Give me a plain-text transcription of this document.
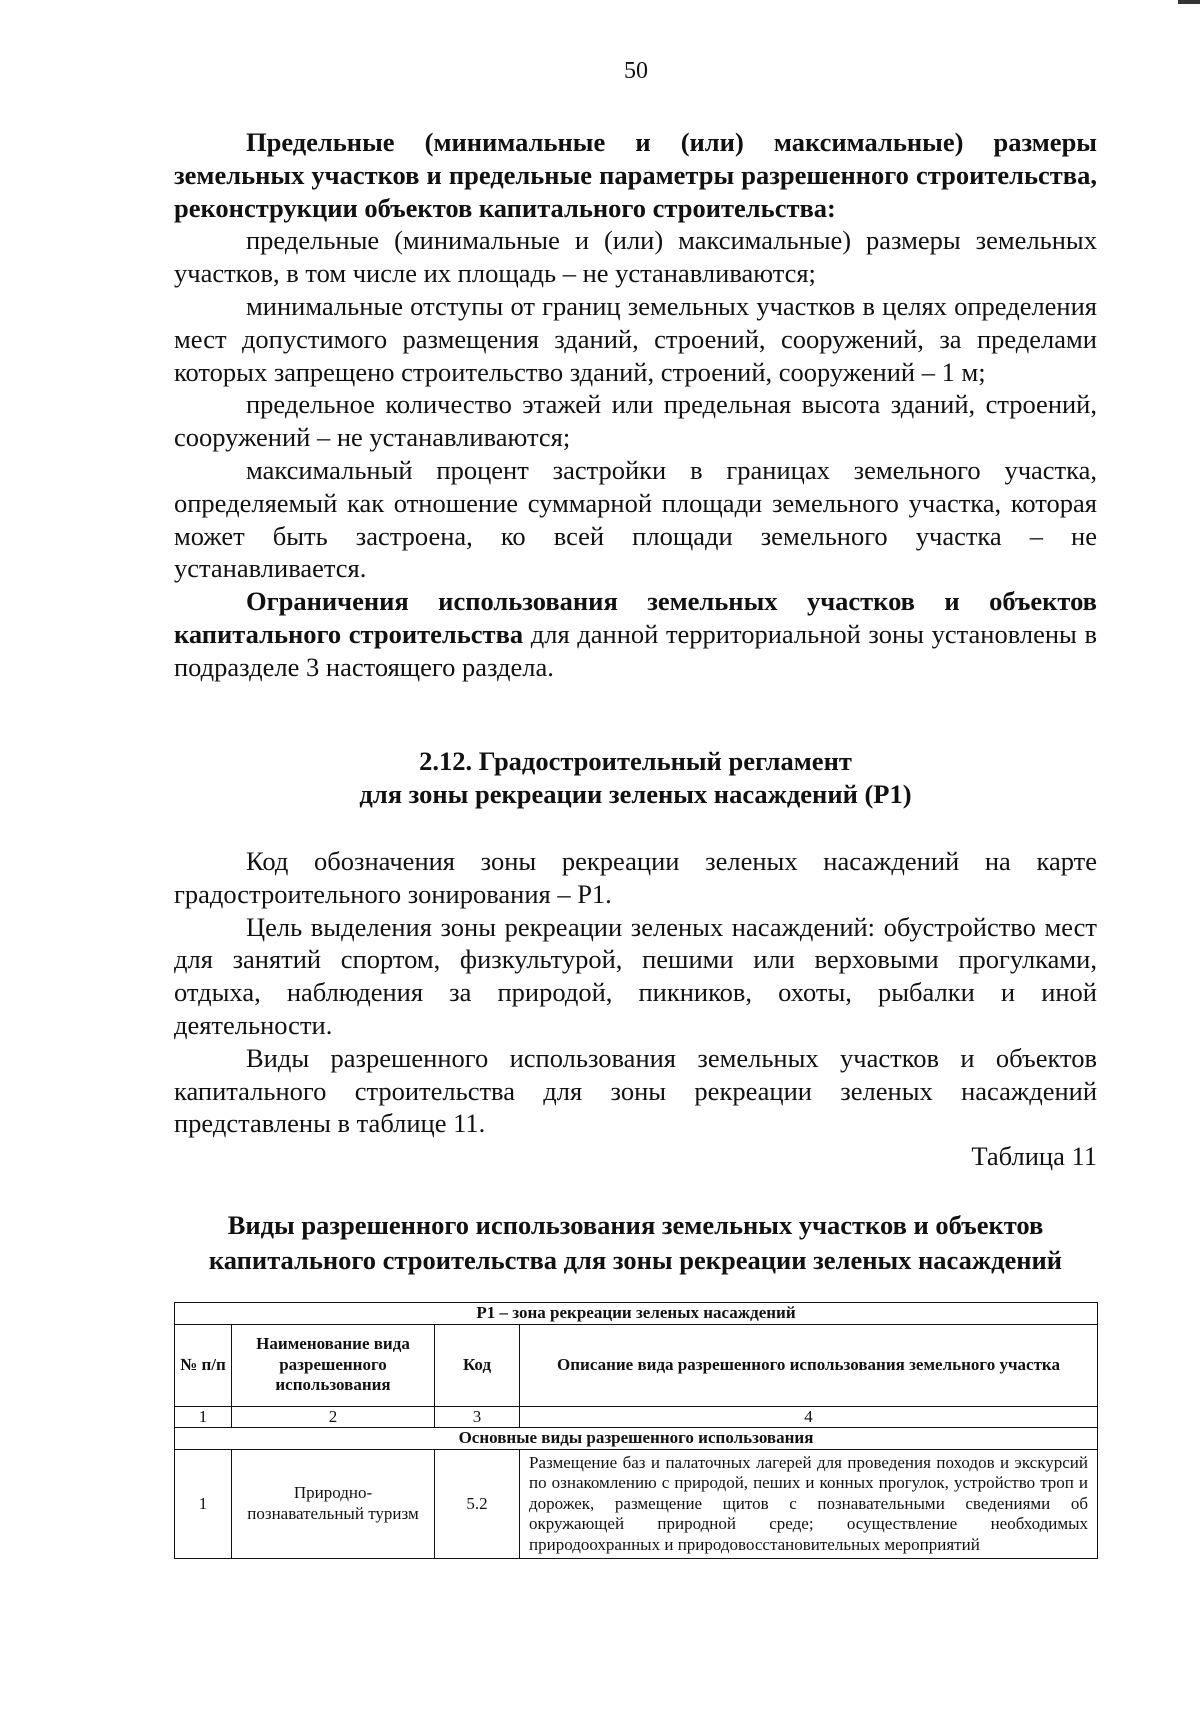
50

Предельные (минимальные и (или) максимальные) размеры земельных участков и предельные параметры разрешенного строительства, реконструкции объектов капитального строительства:

предельные (минимальные и (или) максимальные) размеры земельных участков, в том числе их площадь – не устанавливаются;

минимальные отступы от границ земельных участков в целях определения мест допустимого размещения зданий, строений, сооружений, за пределами которых запрещено строительство зданий, строений, сооружений – 1 м;

предельное количество этажей или предельная высота зданий, строений, сооружений – не устанавливаются;

максимальный процент застройки в границах земельного участка, определяемый как отношение суммарной площади земельного участка, которая может быть застроена, ко всей площади земельного участка – не устанавливается.

Ограничения использования земельных участков и объектов капитального строительства для данной территориальной зоны установлены в подразделе 3 настоящего раздела.

2.12. Градостроительный регламент
для зоны рекреации зеленых насаждений (Р1)

Код обозначения зоны рекреации зеленых насаждений на карте градостроительного зонирования – Р1.

Цель выделения зоны рекреации зеленых насаждений: обустройство мест для занятий спортом, физкультурой, пешими или верховыми прогулками, отдыха, наблюдения за природой, пикников, охоты, рыбалки и иной деятельности.

Виды разрешенного использования земельных участков и объектов капитального строительства для зоны рекреации зеленых насаждений представлены в таблице 11.

Таблица 11
Виды разрешенного использования земельных участков и объектов
капитального строительства для зоны рекреации зеленых насаждений
Р1 – зона рекреации зеленых насаждений			
№ п/п	Наименование вида разрешенного использования	Код	Описание вида разрешенного использования земельного участка
1	2	3	4
Основные виды разрешенного использования			
1	Природно-познавательный туризм	5.2	Размещение баз и палаточных лагерей для проведения походов и экскурсий по ознакомлению с природой, пеших и конных прогулок, устройство троп и дорожек, размещение щитов с познавательными сведениями об окружающей природной среде; осуществление необходимых природоохранных и природовосстановительных мероприятий
